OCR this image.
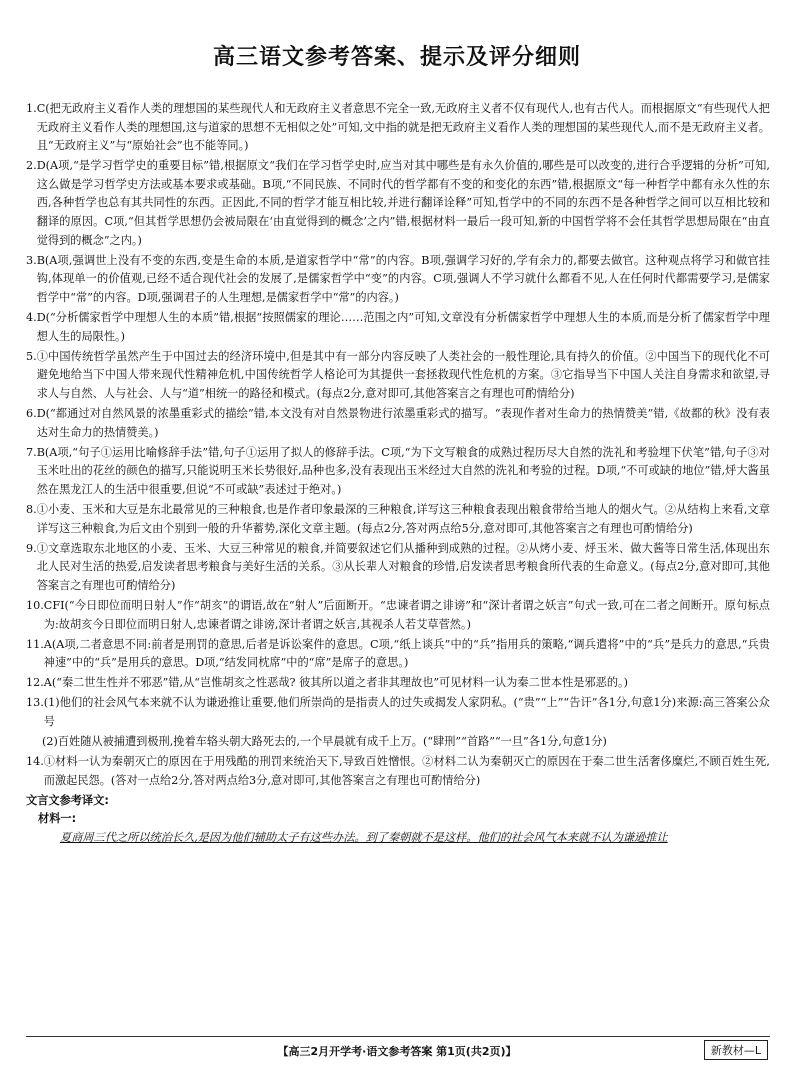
高三语文参考答案、提示及评分细则
1. C(把无政府主义看作人类的理想国的某些现代人和无政府主义者意思不完全一致,无政府主义者不仅有现代人,也有古代人。而根据原文“有些现代人把无政府主义看作人类的理想国,这与道家的思想不无相似之处”可知,文中指的就是把无政府主义看作人类的理想国的某些现代人,而不是无政府主义者。且“无政府主义”与“原始社会”也不能等同。)
2. D(A项,“是学习哲学史的重要目标”错,根据原文“我们在学习哲学史时,应当对其中哪些是有永久价值的,哪些是可以改变的,进行合乎逻辑的分析”可知,这么做是学习哲学史方法或基本要求或基础。B项,“不同民族、不同时代的哲学都有不变的和变化的东西”错,根据原文“每一种哲学中都有永久性的东西,各种哲学也总有其共同性的东西。正因此,不同的哲学才能互相比较,并进行翻译诠释”可知,哲学中的不同的东西不是各种哲学之间可以互相比较和翻译的原因。C项,“但其哲学思想仍会被局限在‘由直觉得到的概念’之内”错,根据材料一最后一段可知,新的中国哲学将不会任其哲学思想局限在“由直觉得到的概念”之内。)
3. B(A项,强调世上没有不变的东西,变是生命的本质,是道家哲学中“常”的内容。B项,强调学习好的,学有余力的,都要去做官。这种观点将学习和做官挂钩,体现单一的价值观,已经不适合现代社会的发展了,是儒家哲学中“变”的内容。C项,强调人不学习就什么都看不见,人在任何时代都需要学习,是儒家哲学中“常”的内容。D项,强调君子的人生理想,是儒家哲学中“常”的内容。)
4. D(“分析儒家哲学中理想人生的本质”错,根据“按照儒家的理论……范围之内”可知,文章没有分析儒家哲学中理想人生的本质,而是分析了儒家哲学中理想人生的局限性。)
5. ①中国传统哲学虽然产生于中国过去的经济环境中,但是其中有一部分内容反映了人类社会的一般性理论,具有持久的价值。②中国当下的现代化不可避免地给当下中国人带来现代性精神危机,中国传统哲学人格论可为其提供一套拯救现代性危机的方案。③它指导当下中国人关注自身需求和欲望,寻求人与自然、人与社会、人与“道”相统一的路径和模式。(每点2分,意对即可,其他答案言之有理也可酌情给分)
6. D(“都通过对自然风景的浓墨重彩式的描绘”错,本文没有对自然景物进行浓墨重彩式的描写。“表现作者对生命力的热情赞美”错,《故都的秋》没有表达对生命力的热情赞美。)
7. B(A项,“句子①运用比喻修辞手法”错,句子①运用了拟人的修辞手法。C项,“为下文写粮食的成熟过程历尽大自然的洗礼和考验埋下伏笔”错,句子③对玉米吐出的花丝的颜色的描写,只能说明玉米长势很好,品种也多,没有表现出玉米经过大自然的洗礼和考验的过程。D项,“不可或缺的地位”错,烀大酱虽然在黑龙江人的生活中很重要,但说“不可或缺”表述过于绝对。)
8. ①小麦、玉米和大豆是东北最常见的三种粮食,也是作者印象最深的三种粮食,详写这三种粮食表现出粮食带给当地人的烟火气。②从结构上来看,文章详写这三种粮食,为后文由个别到一般的升华蓄势,深化文章主题。(每点2分,答对两点给5分,意对即可,其他答案言之有理也可酌情给分)
9. ①文章选取东北地区的小麦、玉米、大豆三种常见的粮食,并简要叙述它们从播种到成熟的过程。②从烤小麦、烀玉米、做大酱等日常生活,体现出东北人民对生活的热爱,启发读者思考粮食与美好生活的关系。③从长辈人对粮食的珍惜,启发读者思考粮食所代表的生命意义。(每点2分,意对即可,其他答案言之有理也可酌情给分)
10. CFI(“今日即位而明日射人”作“胡亥”的谓语,故在“射人”后面断开。“忠谏者谓之诽谤”和“深计者谓之妖言”句式一致,可在二者之间断开。原句标点为:故胡亥今日即位而明日射人,忠谏者谓之诽谤,深计者谓之妖言,其视杀人若艾草菅然。)
11. A(A项,二者意思不同:前者是刑罚的意思,后者是诉讼案件的意思。C项,“纸上谈兵”中的“兵”指用兵的策略,“调兵遣将”中的“兵”是兵力的意思,“兵贵神速”中的“兵”是用兵的意思。D项,“结发同枕席”中的“席”是席子的意思。)
12. A(“秦二世生性并不邪恶”错,从“岂惟胡亥之性恶哉? 彼其所以道之者非其理故也”可见材料一认为秦二世本性是邪恶的。)
13. (1)他们的社会风气本来就不认为谦逊推让重要,他们所崇尚的是指责人的过失或揭发人家阴私。(“贵”“上”“告讦”各1分,句意1分)来源:高三答案公众号
(2)百姓随从被捕遭到极刑,挽着车辂头朝大路死去的,一个早晨就有成千上万。(“肆刑”“首路”“一旦”各1分,句意1分)
14. ①材料一认为秦朝灭亡的原因在于用残酷的刑罚来统治天下,导致百姓憎恨。②材料二认为秦朝灭亡的原因在于秦二世生活奢侈糜烂,不顾百姓生死,而激起民怨。(答对一点给2分,答对两点给3分,意对即可,其他答案言之有理也可酌情给分)
文言文参考译文:
材料一:
夏商周三代之所以统治长久,是因为他们辅助太子有这些办法。到了秦朝就不是这样。他们的社会风气本来就不认为谦逊推让
【高三2月开学考·语文参考答案 第1页(共2页)】	新教材—L
